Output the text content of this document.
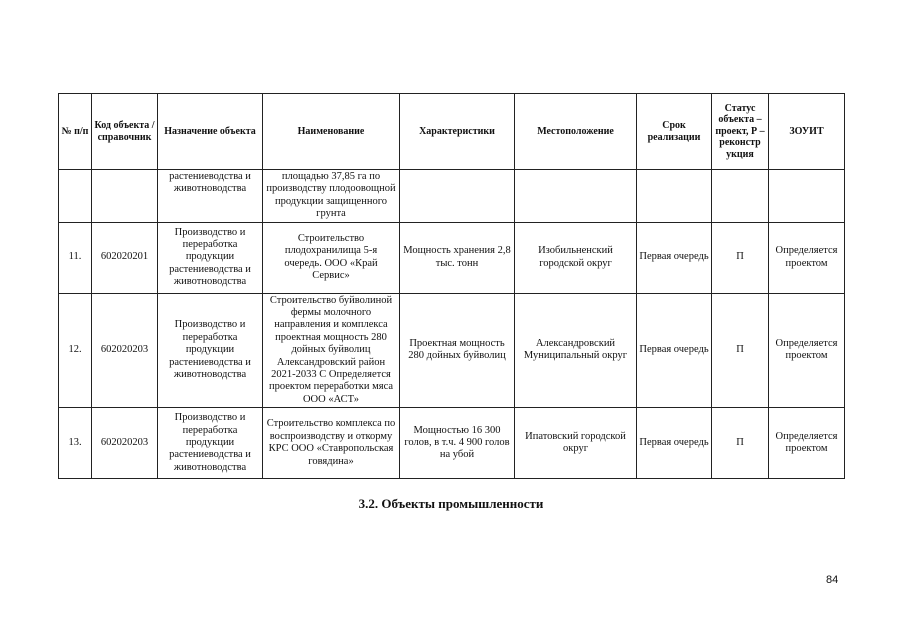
№ п/п	Код объекта / справочник	Назначение объекта	Наименование	Характеристики	Местоположение	Срок реализации	Статус объекта – проект, Р – реконстр укция	ЗОУИТ
		растениеводства и животноводства	площадью 37,85 га по производству плодоовощной продукции защищенного грунта					
11.	602020201	Производство и переработка продукции растениеводства и животноводства	Строительство плодохранилища 5-я очередь. ООО «Край Сервис»	Мощность хранения 2,8 тыс. тонн	Изобильненский городской округ	Первая очередь	П	Определяется проектом
12.	602020203	Производство и переработка продукции растениеводства и животноводства	Строительство буйволиной фермы молочного направления и комплекса проектная мощность 280 дойных буйволиц Александровский район 2021-2033 С Определяется проектом переработки мяса ООО «АСТ»	Проектная мощность 280 дойных буйволиц	Александровский Муниципальный округ	Первая очередь	П	Определяется проектом
13.	602020203	Производство и переработка продукции растениеводства и животноводства	Строительство комплекса по воспроизводству и откорму КРС ООО «Ставропольская говядина»	Мощностью 16 300 голов, в т.ч. 4 900 голов на убой	Ипатовский городской округ	Первая очередь	П	Определяется проектом
3.2. Объекты промышленности
84
